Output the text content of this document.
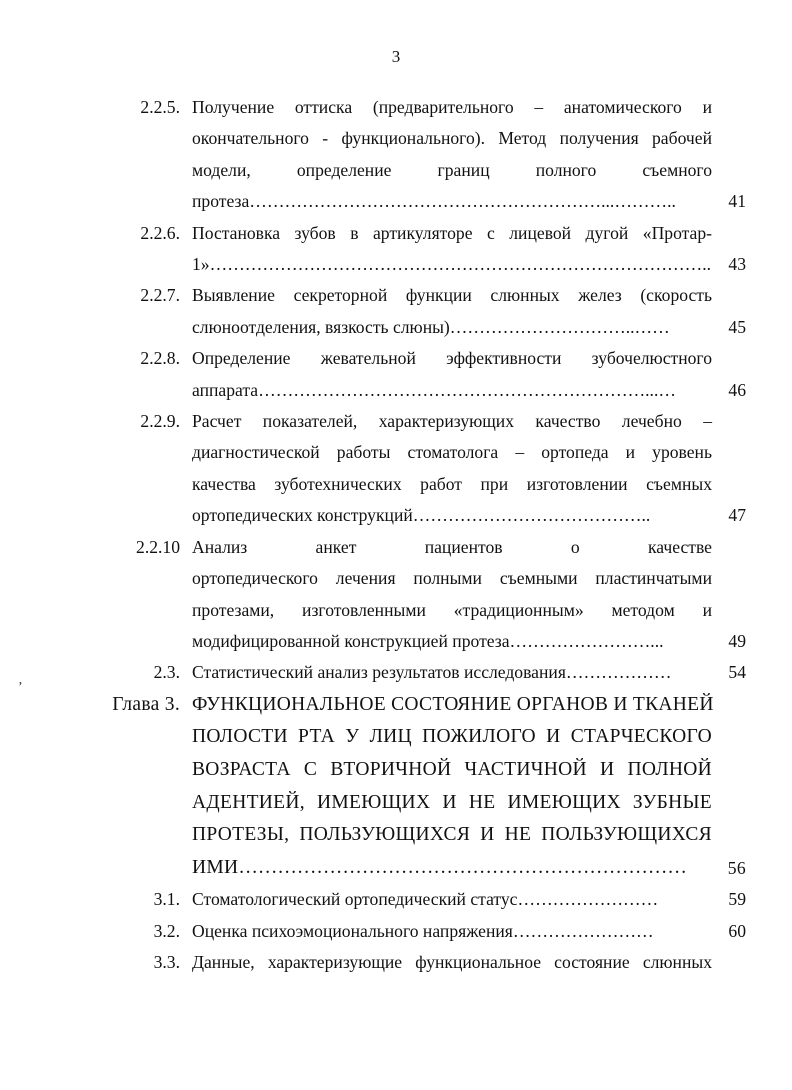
3
’
2.2.5. Получение оттиска (предварительного – анатомического и
окончательного - функционального). Метод получения рабочей
модели, определение границ полного съемного
протеза ……………………………………………………...………..	41
2.2.6. Постановка зубов в артикуляторе с лицевой дугой «Протар-
1» ………………………………………………………………………….. 43
2.2.7. Выявление секреторной функции слюнных желез (скорость
слюноотделения, вязкость слюны) …………………………..……	45
2.2.8. Определение жевательной эффективности зубочелюстного
аппарата …………………………………………………………...…	46
2.2.9. Расчет показателей, характеризующих качество лечебно –
диагностической работы стоматолога – ортопеда и уровень
качества зуботехнических работ при изготовлении съемных
ортопедических конструкций …………………………………..	47
2.2.10 Анализ анкет пациентов о качестве
ортопедического лечения полными съемными пластинчатыми
протезами, изготовленными «традиционным» методом и
модифицированной конструкцией протеза ……………………...	49
2.3. Статистический анализ результатов исследования ………………	54
Глава 3. ФУНКЦИОНАЛЬНОЕ СОСТОЯНИЕ ОРГАНОВ И ТКАНЕЙ
ПОЛОСТИ РТА У ЛИЦ ПОЖИЛОГО И СТАРЧЕСКОГО
ВОЗРАСТА С ВТОРИЧНОЙ ЧАСТИЧНОЙ И ПОЛНОЙ
АДЕНТИЕЙ, ИМЕЮЩИХ И НЕ ИМЕЮЩИХ ЗУБНЫЕ
ПРОТЕЗЫ, ПОЛЬЗУЮЩИХСЯ И НЕ ПОЛЬЗУЮЩИХСЯ
ИМИ ……………………………………………………………	56
3.1. Стоматологический ортопедический статус ……………………	59
3.2. Оценка психоэмоционального напряжения ……………………	60
3.3. Данные, характеризующие функциональное состояние слюнных
